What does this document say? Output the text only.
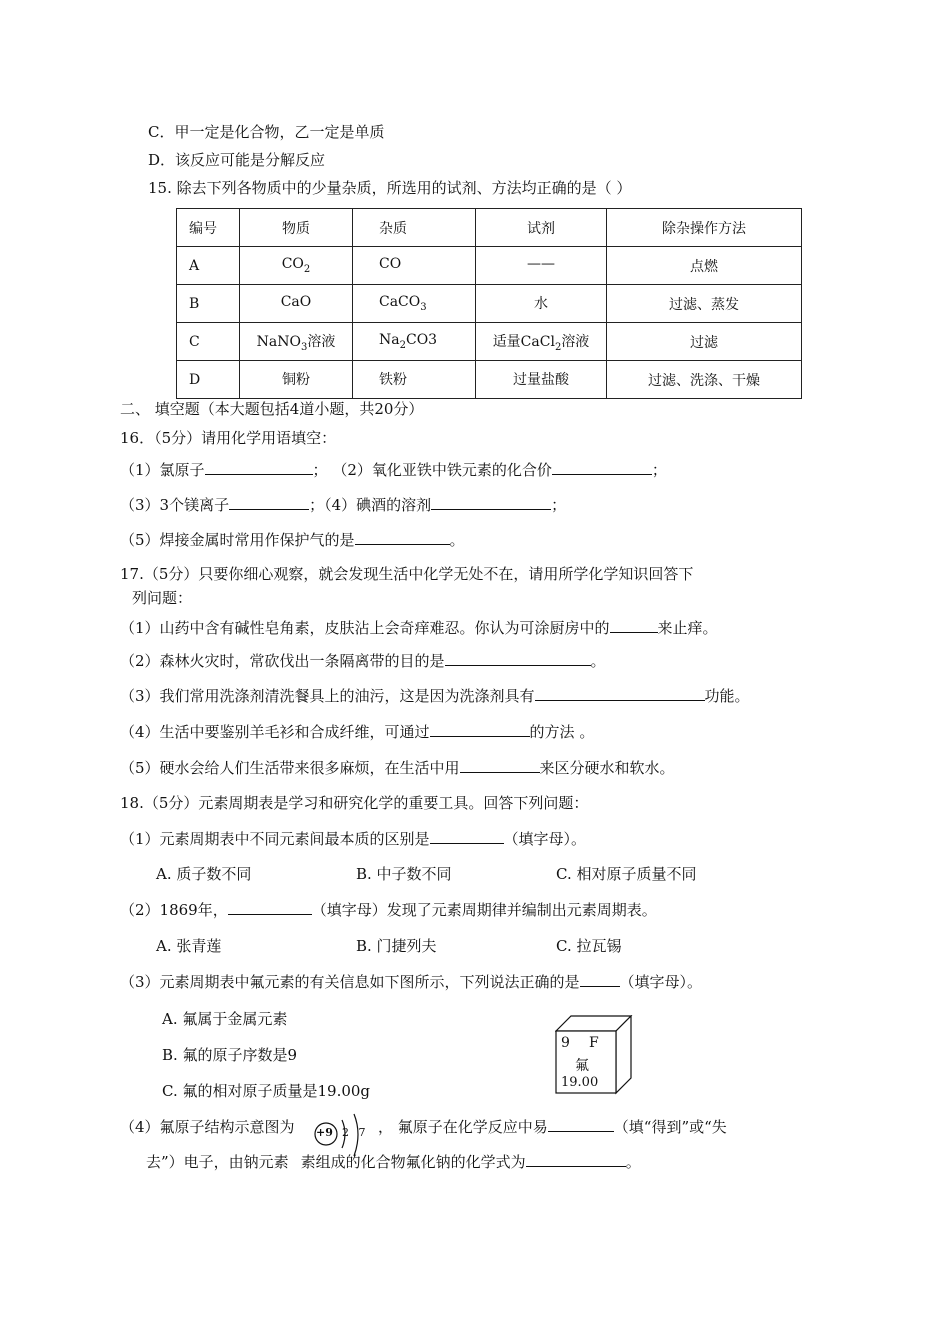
C．甲一定是化合物，乙一定是单质
D．该反应可能是分解反应
15. 除去下列各物质中的少量杂质，所选用的试剂、方法均正确的是（ ）
编号	物质	杂质	试剂	除杂操作方法
A	$CO_2$	CO	——	点燃
B	CaO	CaCO$_3$	水	过滤、蒸发
C	NaNO$_3$溶液	$Na_2CO3$	适量CaCl$_2$溶液	过滤
D	铜粉	铁粉	过量盐酸	过滤、洗涤、干燥
二、 填空题（本大题包括4道小题，共20分）
16．（5分）请用化学用语填空：
（1）氯原子	； （2）氧化亚铁中铁元素的化合价	；
（3）3个镁离子	；（4）碘酒的溶剂	；
（5）焊接金属时常用作保护气的是	。
17.（5分）只要你细心观察，就会发现生活中化学无处不在，请用所学化学知识回答下
列问题：
（1）山药中含有碱性皂角素，皮肤沾上会奇痒难忍。你认为可涂厨房中的	来止痒。
（2）森林火灾时，常砍伐出一条隔离带的目的是	。
（3）我们常用洗涤剂清洗餐具上的油污，这是因为洗涤剂具有	功能。
（4）生活中要鉴别羊毛衫和合成纤维，可通过	的方法 。
（5）硬水会给人们生活带来很多麻烦，在生活中用	来区分硬水和软水。
18.（5分）元素周期表是学习和研究化学的重要工具。回答下列问题：
（1）元素周期表中不同元素间最本质的区别是	（填字母）。
A. 质子数不同	B. 中子数不同	C. 相对原子质量不同
（2）1869年，	（填字母）发现了元素周期律并编制出元素周期表。
A. 张青莲	B. 门捷列夫	C. 拉瓦锡
（3）元素周期表中氟元素的有关信息如下图所示，下列说法正确的是	（填字母）。
A. 氟属于金属元素
B. 氟的原子序数是9
C. 氟的相对原子质量是19.00g
9 F
氟
19.00
（4）氟原子结构示意图为 +9 2 7 ， 氟原子在化学反应中易	（填“得到”或“失
去”）电子，由钠元素 素组成的化合物氟化钠的化学式为	。
